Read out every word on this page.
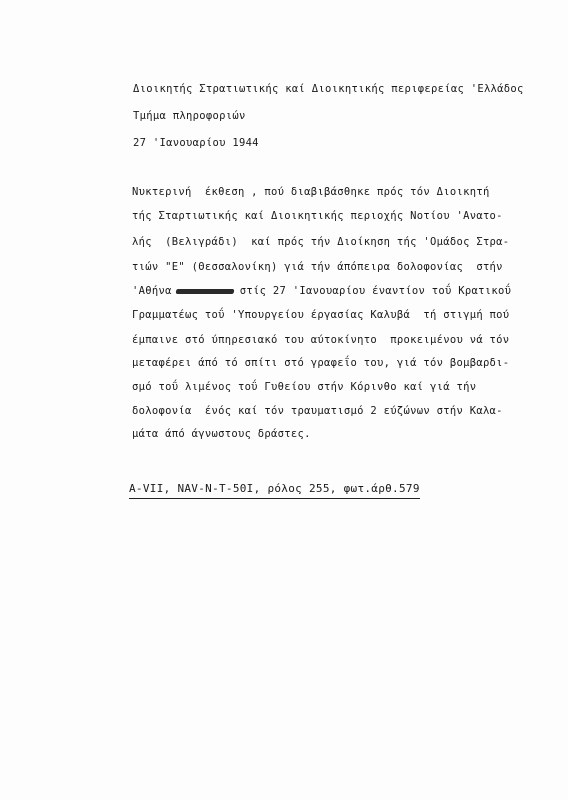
Διοικητής Στρατιωτικής καί Διοικητικής περιφερείας 'Ελλάδος
Τμήμα πληροφοριών
27 'Ιανουαρίου 1944
Νυκτερινή  έκθεση , πού διαβιβάσθηκε πρός τόν Διοικητή
τής Σταρτιωτικής καί Διοικητικής περιοχής Νοτίου 'Ανατο-
λής  (Βελιγράδι)  καί πρός τήν Διοίκηση τής 'Ομάδος Στρα-
τιών "Ε" (Θεσσαλονίκη) γιά τήν άπόπειρα δολοφονίας  στήν
'Αθήνα	στίς 27 'Ιανουαρίου έναντίον τοΰ Κρατικοΰ
Γραμματέως τοΰ 'Υπουργείου έργασίας Καλυβά  τή στιγμή πού
έμπαινε στό ύπηρεσιακό του αύτοκίνητο  προκειμένου νά τόν
μεταφέρει άπό τό σπίτι στό γραφεΐο του, γιά τόν βομβαρδι-
σμό τοΰ λιμένος τοΰ Γυθείου στήν Κόρινθο καί γιά τήν
δολοφονία  ένός καί τόν τραυματισμό 2 εύζώνων στήν Καλα-
μάτα άπό άγνωστους δράστες.
A-VII, NAV-N-T-50I, ρόλος 255, φωτ.άρθ.579
